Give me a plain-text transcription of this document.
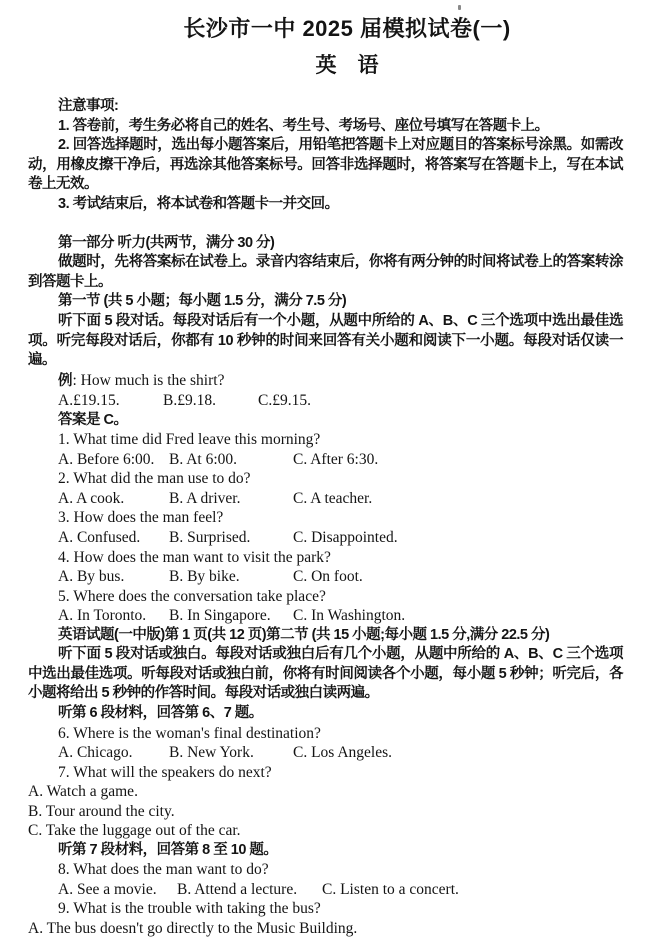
长沙市一中 2025 届模拟试卷(一)
英　语

注意事项:

1. 答卷前，考生务必将自己的姓名、考生号、考场号、座位号填写在答题卡上。

2. 回答选择题时，选出每小题答案后，用铅笔把答题卡上对应题目的答案标号涂黑。如需改动，用橡皮擦干净后，再选涂其他答案标号。回答非选择题时，将答案写在答题卡上，写在本试卷上无效。

3. 考试结束后，将本试卷和答题卡一并交回。

第一部分 听力(共两节，满分 30 分)

做题时，先将答案标在试卷上。录音内容结束后，你将有两分钟的时间将试卷上的答案转涂到答题卡上。

第一节 (共 5 小题；每小题 1.5 分，满分 7.5 分)

听下面 5 段对话。每段对话后有一个小题，从题中所给的 A、B、C 三个选项中选出最佳选项。听完每段对话后，你都有 10 秒钟的时间来回答有关小题和阅读下一小题。每段对话仅读一遍。

例: How much is the shirt?

A.£19.15.	B.£9.18.	C.£9.15.

答案是 C。

1. What time did Fred leave this morning?

A. Before 6:00. B. At 6:00.	C. After 6:30.

2. What did the man use to do?

A. A cook.	B. A driver.	C. A teacher.

3. How does the man feel?

A. Confused.	B. Surprised.	C. Disappointed.

4. How does the man want to visit the park?

A. By bus.	B. By bike.	C. On foot.

5. Where does the conversation take place?

A. In Toronto.	B. In Singapore.	C. In Washington.

英语试题(一中版)第 1 页(共 12 页)第二节 (共 15 小题;每小题 1.5 分,满分 22.5 分)

听下面 5 段对话或独白。每段对话或独白后有几个小题，从题中所给的 A、B、C 三个选项中选出最佳选项。听每段对话或独白前，你将有时间阅读各个小题，每小题 5 秒钟；听完后，各小题将给出 5 秒钟的作答时间。每段对话或独白读两遍。

听第 6 段材料，回答第 6、7 题。

6. Where is the woman's final destination?

A. Chicago.	B. New York.	C. Los Angeles.

7. What will the speakers do next?

A. Watch a game.

B. Tour around the city.

C. Take the luggage out of the car.

听第 7 段材料，回答第 8 至 10 题。

8. What does the man want to do?

A. See a movie.	B. Attend a lecture.	C. Listen to a concert.

9. What is the trouble with taking the bus?

A. The bus doesn't go directly to the Music Building.
